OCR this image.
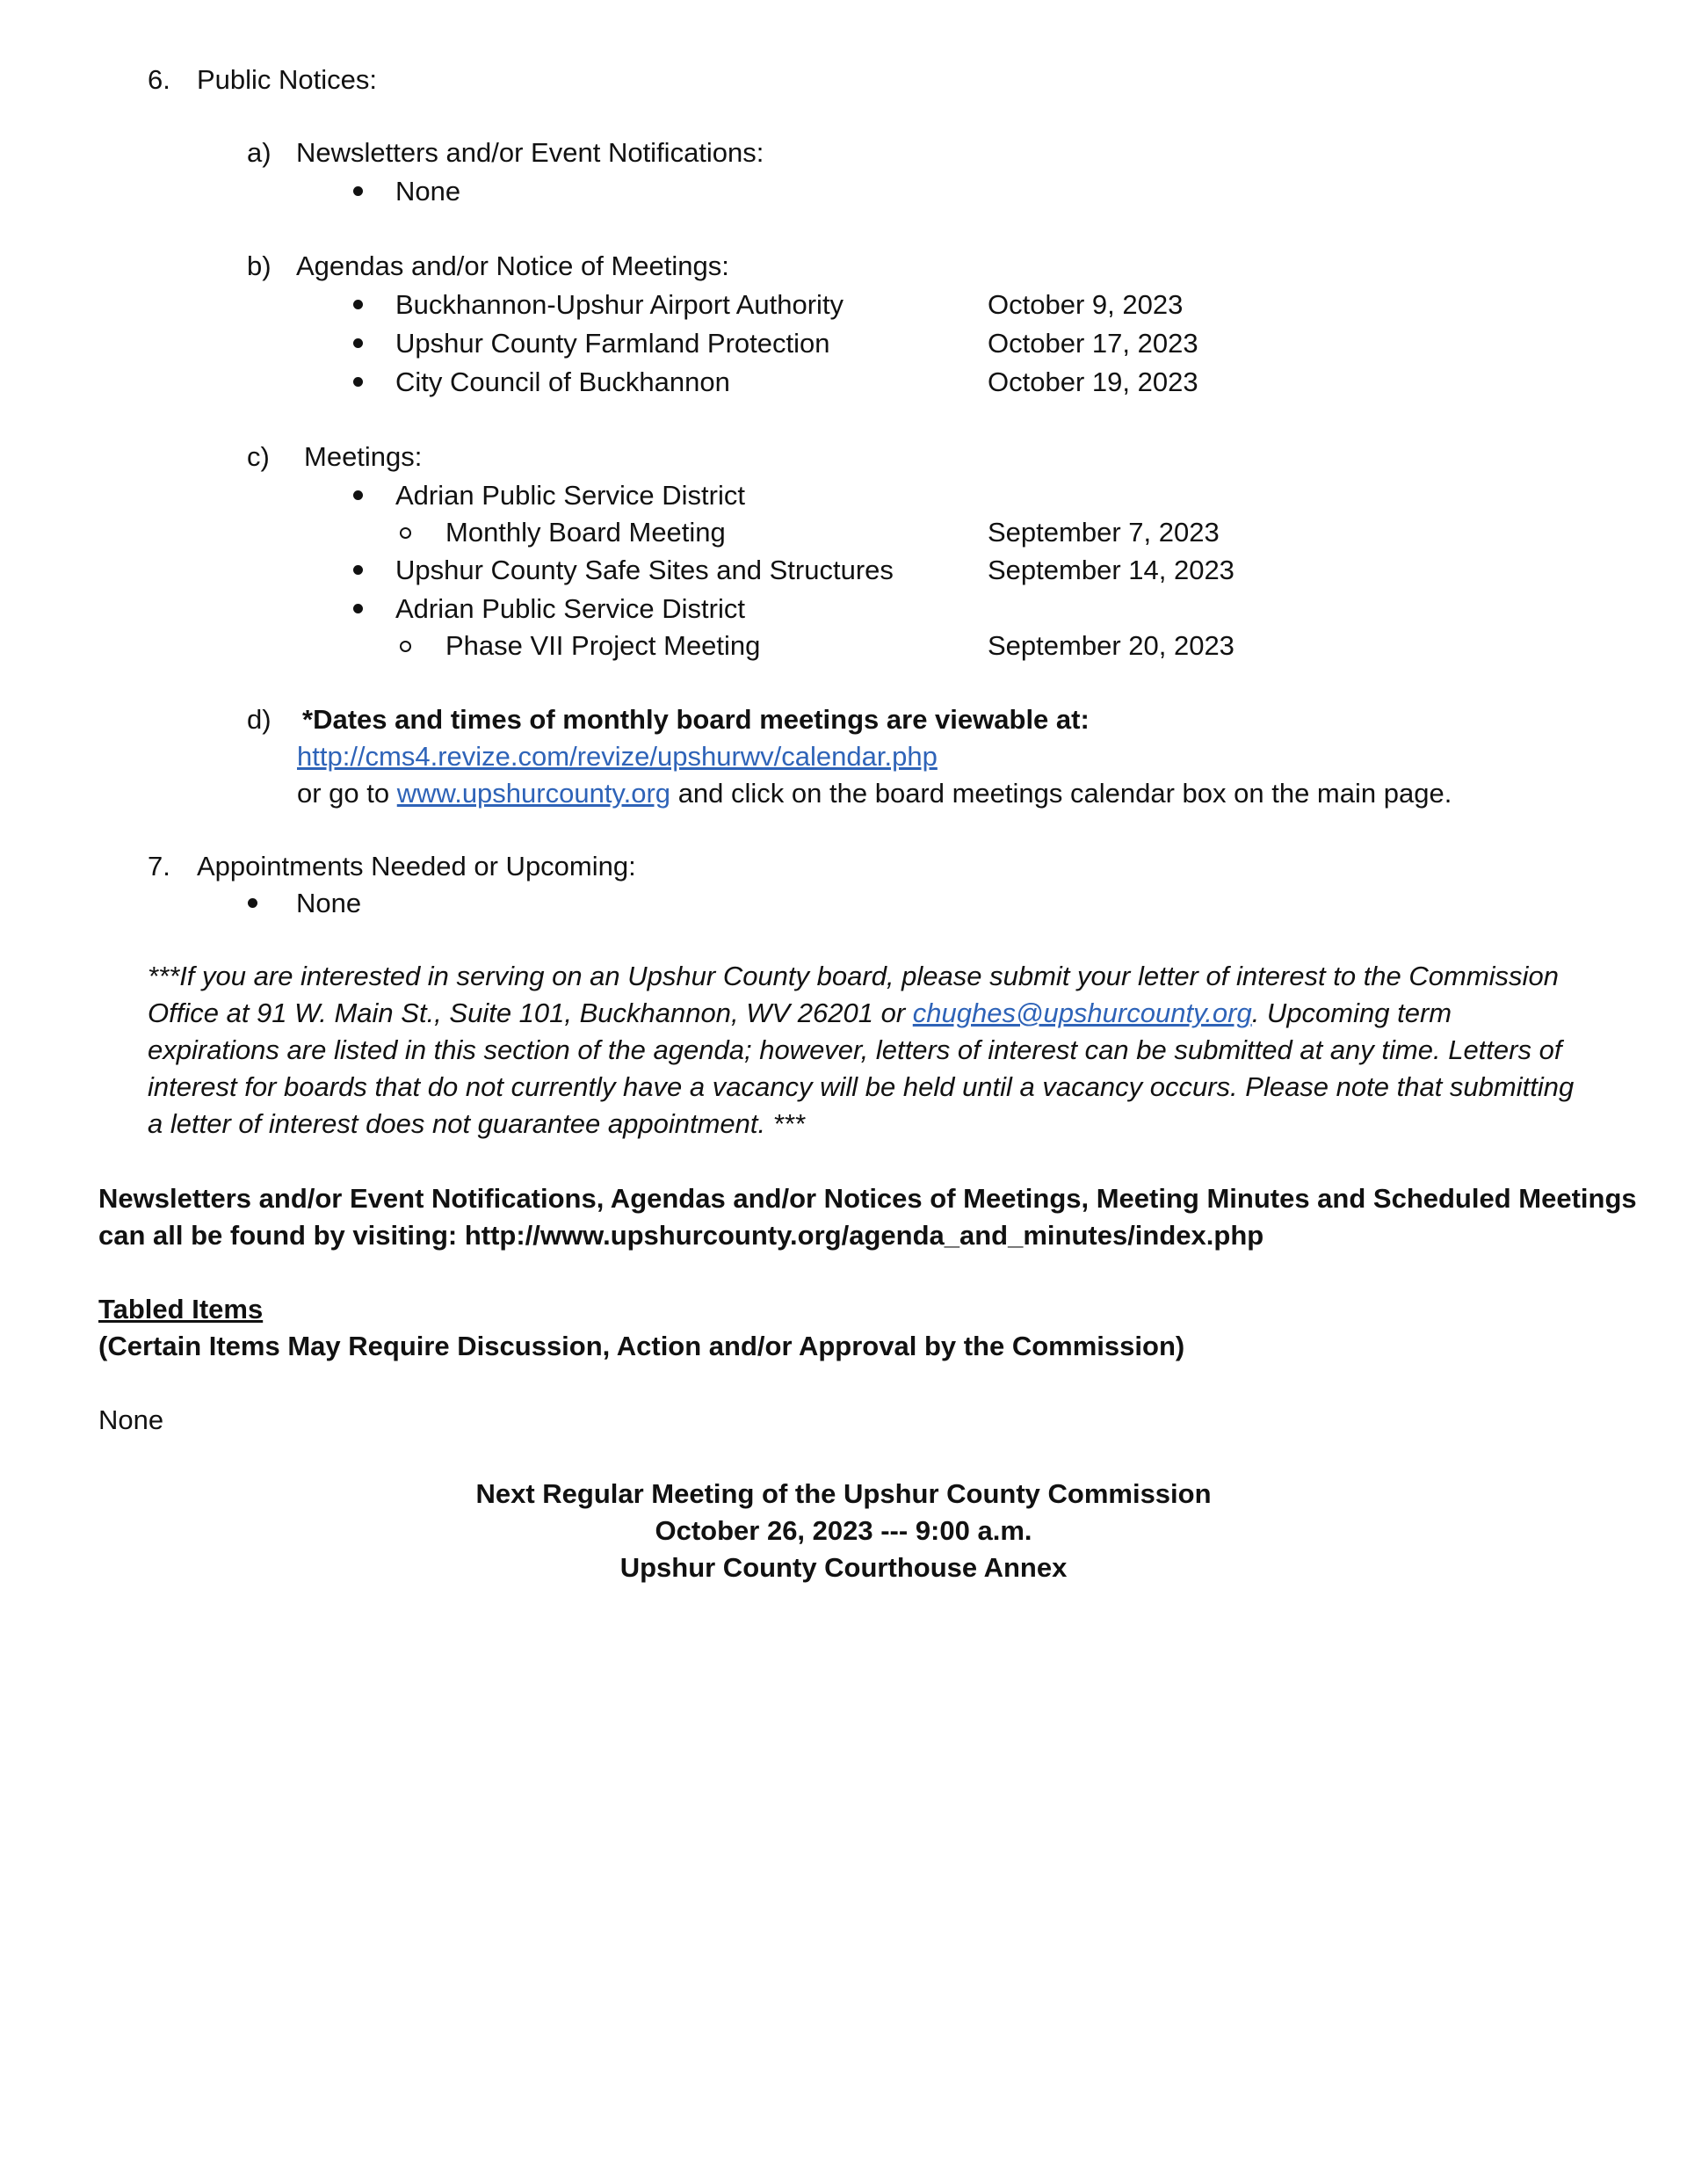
6. Public Notices:
a) Newsletters and/or Event Notifications:
None
b) Agendas and/or Notice of Meetings:
Buckhannon-Upshur Airport Authority	October 9, 2023
Upshur County Farmland Protection	October 17, 2023
City Council of Buckhannon	October 19, 2023
c) Meetings:
Adrian Public Service District
Monthly Board Meeting	September 7, 2023
Upshur County Safe Sites and Structures	September 14, 2023
Adrian Public Service District
Phase VII Project Meeting	September 20, 2023
d) *Dates and times of monthly board meetings are viewable at:
http://cms4.revize.com/revize/upshurwv/calendar.php
or go to www.upshurcounty.org and click on the board meetings calendar box on the main page.
7. Appointments Needed or Upcoming:
None
***If you are interested in serving on an Upshur County board, please submit your letter of interest to the Commission Office at 91 W. Main St., Suite 101, Buckhannon, WV 26201 or chughes@upshurcounty.org. Upcoming term expirations are listed in this section of the agenda; however, letters of interest can be submitted at any time. Letters of interest for boards that do not currently have a vacancy will be held until a vacancy occurs. Please note that submitting a letter of interest does not guarantee appointment. ***
Newsletters and/or Event Notifications, Agendas and/or Notices of Meetings, Meeting Minutes and Scheduled Meetings
can all be found by visiting: http://www.upshurcounty.org/agenda_and_minutes/index.php
Tabled Items
(Certain Items May Require Discussion, Action and/or Approval by the Commission)
None
Next Regular Meeting of the Upshur County Commission
October 26, 2023 --- 9:00 a.m.
Upshur County Courthouse Annex
